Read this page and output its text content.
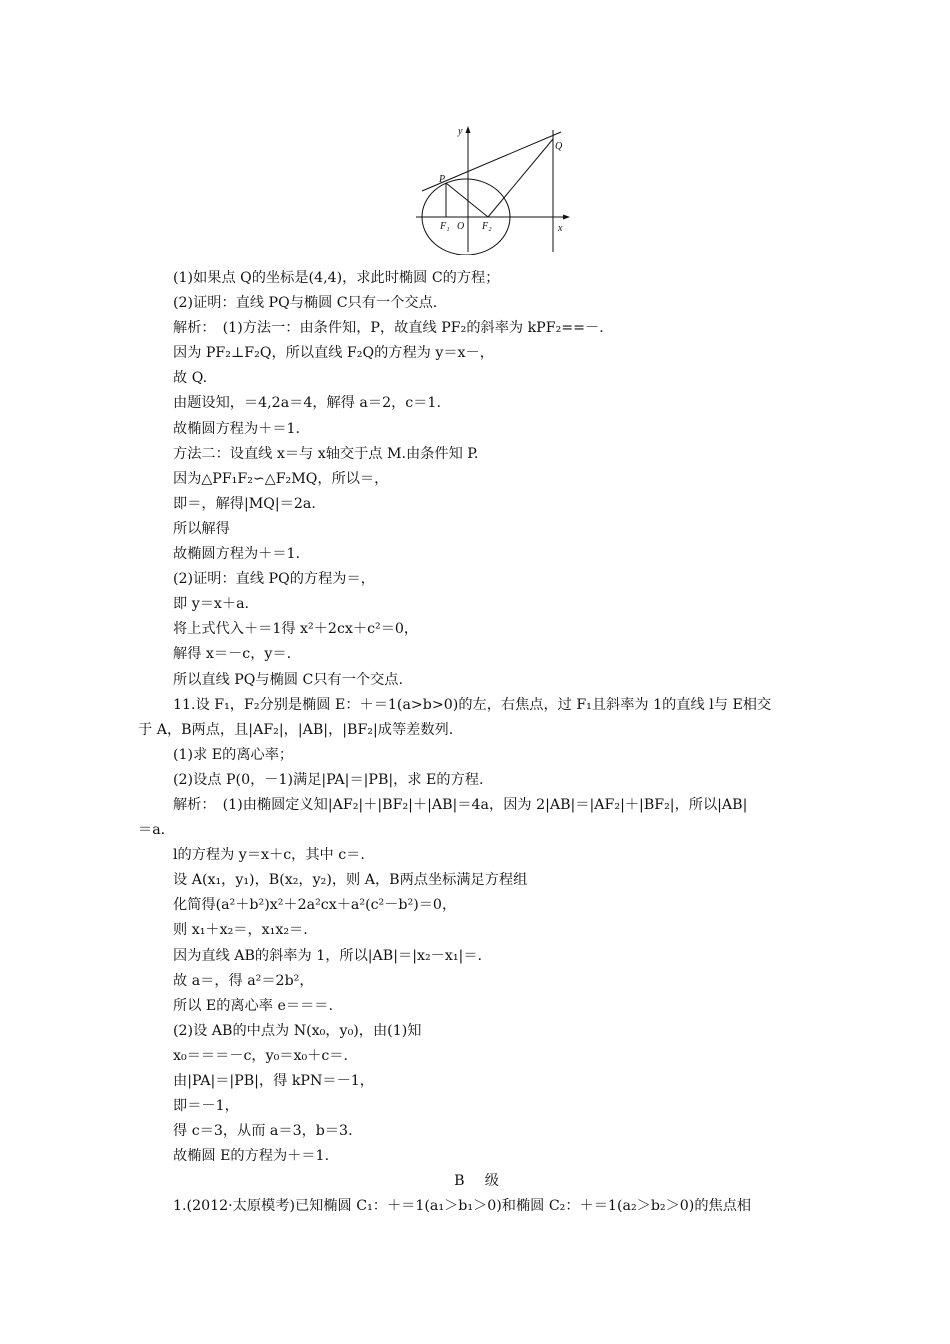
y
x
Q
P
F₁ O F₂
(1)如果点 Q的坐标是(4,4)，求此时椭圆 C的方程；
(2)证明：直线 PQ与椭圆 C只有一个交点.
解析：　(1)方法一：由条件知，P，故直线 PF₂的斜率为 kPF₂==－.
因为 PF₂⊥F₂Q，所以直线 F₂Q的方程为 y＝x－，
故 Q.
由题设知，＝4,2a＝4，解得 a＝2，c＝1.
故椭圆方程为＋＝1.
方法二：设直线 x＝与 x轴交于点 M.由条件知 P.
因为△PF₁F₂∽△F₂MQ，所以＝，
即＝，解得|MQ|＝2a.
所以解得
故椭圆方程为＋＝1.
(2)证明：直线 PQ的方程为＝，
即 y＝x＋a.
将上式代入＋＝1得 x²＋2cx＋c²＝0，
解得 x＝－c，y＝.
所以直线 PQ与椭圆 C只有一个交点.
11.设 F₁，F₂分别是椭圆 E：＋＝1(a>b>0)的左，右焦点，过 F₁且斜率为 1的直线 l与 E相交
于 A，B两点，且|AF₂|，|AB|，|BF₂|成等差数列.
(1)求 E的离心率；
(2)设点 P(0，－1)满足|PA|＝|PB|，求 E的方程.
解析：　(1)由椭圆定义知|AF₂|＋|BF₂|＋|AB|＝4a，因为 2|AB|＝|AF₂|＋|BF₂|，所以|AB|
＝a.
l的方程为 y＝x＋c，其中 c＝.
设 A(x₁，y₁)，B(x₂，y₂)，则 A，B两点坐标满足方程组
化简得(a²＋b²)x²＋2a²cx＋a²(c²－b²)＝0，
则 x₁＋x₂＝，x₁x₂＝.
因为直线 AB的斜率为 1，所以|AB|＝|x₂－x₁|＝.
故 a＝，得 a²＝2b²，
所以 E的离心率 e＝＝＝.
(2)设 AB的中点为 N(x₀，y₀)，由(1)知
x₀＝＝＝－c，y₀＝x₀＋c＝.
由|PA|＝|PB|，得 kPN＝－1，
即＝－1，
得 c＝3，从而 a＝3，b＝3.
故椭圆 E的方程为＋＝1.
B　级
1.(2012·太原模考)已知椭圆 C₁：＋＝1(a₁＞b₁＞0)和椭圆 C₂：＋＝1(a₂＞b₂＞0)的焦点相
